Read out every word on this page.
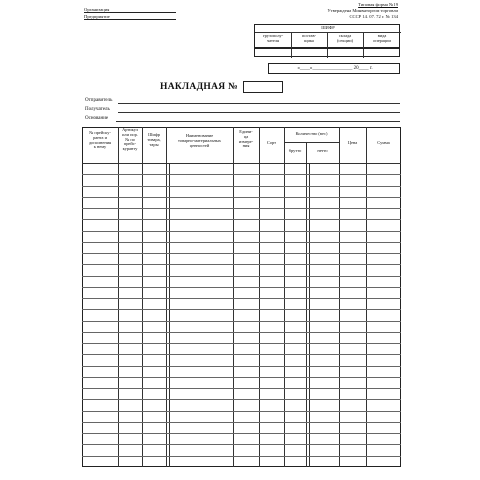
Организация
Предприятие
Типовая форма №19
Утверждена Минвнторгом торговли
СССР 14. 07. 72 г. № 134
ШИФР
грузополу-
чателя
постав-
щика
склада
(секции)
вида
операции
«____»________________ 20____ г.
НАКЛАДНАЯ №
Отправитель
Получатель
Основание
№ прейску-
ранта и
дополнения
к нему
Артикул
или пор.
№ по
прейс-
куранту
Шифр
товара,
тары
Наименование
товарно-материальных
ценностей
Едини-
ца
измере-
ния
Сорт
Количество (вес)
брутто	нетто
Цена	Сумма
